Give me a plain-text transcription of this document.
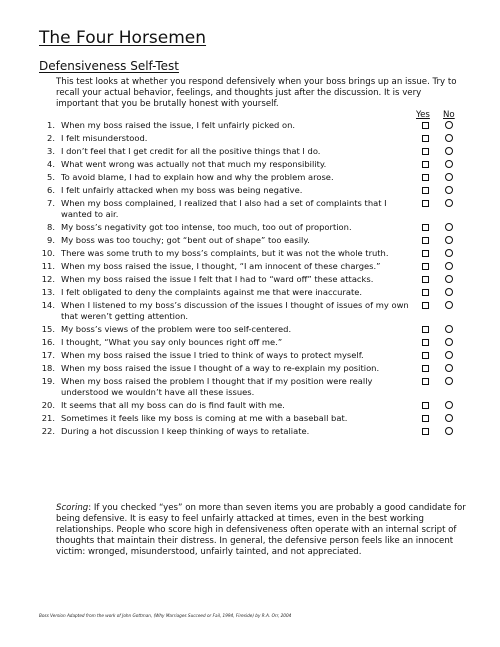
The Four Horsemen
Defensiveness Self-Test
This test looks at whether you respond defensively when your boss brings up an issue. Try to recall your actual behavior, feelings, and thoughts just after the discussion. It is very important that you be brutally honest with yourself.
Yes No
1. When my boss raised the issue, I felt unfairly picked on.
2. I felt misunderstood.
3. I don’t feel that I get credit for all the positive things that I do.
4. What went wrong was actually not that much my responsibility.
5. To avoid blame, I had to explain how and why the problem arose.
6. I felt unfairly attacked when my boss was being negative.
7. When my boss complained, I realized that I also had a set of complaints that I wanted to air.
8. My boss’s negativity got too intense, too much, too out of proportion.
9. My boss was too touchy; got “bent out of shape” too easily.
10. There was some truth to my boss’s complaints, but it was not the whole truth.
11. When my boss raised the issue, I thought, “I am innocent of these charges.”
12. When my boss raised the issue I felt that I had to “ward off” these attacks.
13. I felt obligated to deny the complaints against me that were inaccurate.
14. When I listened to my boss’s discussion of the issues I thought of issues of my own that weren’t getting attention.
15. My boss’s views of the problem were too self-centered.
16. I thought, “What you say only bounces right off me.”
17. When my boss raised the issue I tried to think of ways to protect myself.
18. When my boss raised the issue I thought of a way to re-explain my position.
19. When my boss raised the problem I thought that if my position were really understood we wouldn’t have all these issues.
20. It seems that all my boss can do is find fault with me.
21. Sometimes it feels like my boss is coming at me with a baseball bat.
22. During a hot discussion I keep thinking of ways to retaliate.
Scoring: If you checked “yes” on more than seven items you are probably a good candidate for being defensive. It is easy to feel unfairly attacked at times, even in the best working relationships. People who score high in defensiveness often operate with an internal script of thoughts that maintain their distress. In general, the defensive person feels like an innocent victim: wronged, misunderstood, unfairly tainted, and not appreciated.
Boss Version Adapted from the work of John Gottman, (Why Marriages Succeed or Fail, 1994, Fireside) by R.A. Orr, 2004
